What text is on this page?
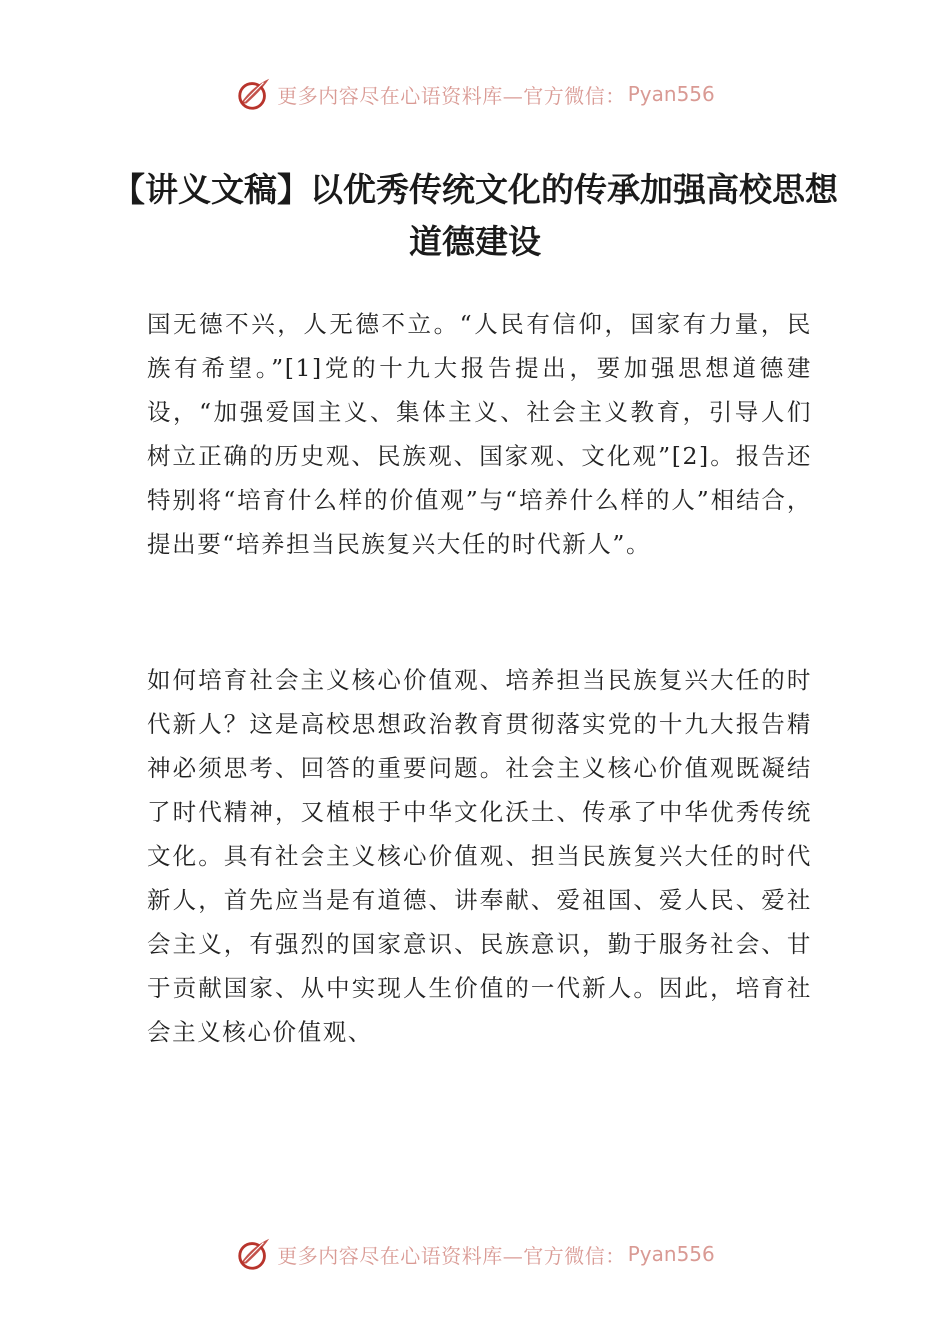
更多内容尽在心语资料库—官方微信： Pyan556
【讲义文稿】以优秀传统文化的传承加强高校思想道德建设

国无德不兴，人无德不立。“人民有信仰，国家有力量，民族有希望。”[1]党的十九大报告提出，要加强思想道德建设，“加强爱国主义、集体主义、社会主义教育，引导人们树立正确的历史观、民族观、国家观、文化观”[2]。报告还特别将“培育什么样的价值观”与“培养什么样的人”相结合，提出要“培养担当民族复兴大任的时代新人”。

如何培育社会主义核心价值观、培养担当民族复兴大任的时代新人？这是高校思想政治教育贯彻落实党的十九大报告精神必须思考、回答的重要问题。社会主义核心价值观既凝结了时代精神，又植根于中华文化沃土、传承了中华优秀传统文化。具有社会主义核心价值观、担当民族复兴大任的时代新人，首先应当是有道德、讲奉献、爱祖国、爱人民、爱社会主义，有强烈的国家意识、民族意识，勤于服务社会、甘于贡献国家、从中实现人生价值的一代新人。因此，培育社会主义核心价值观、

更多内容尽在心语资料库—官方微信： Pyan556
